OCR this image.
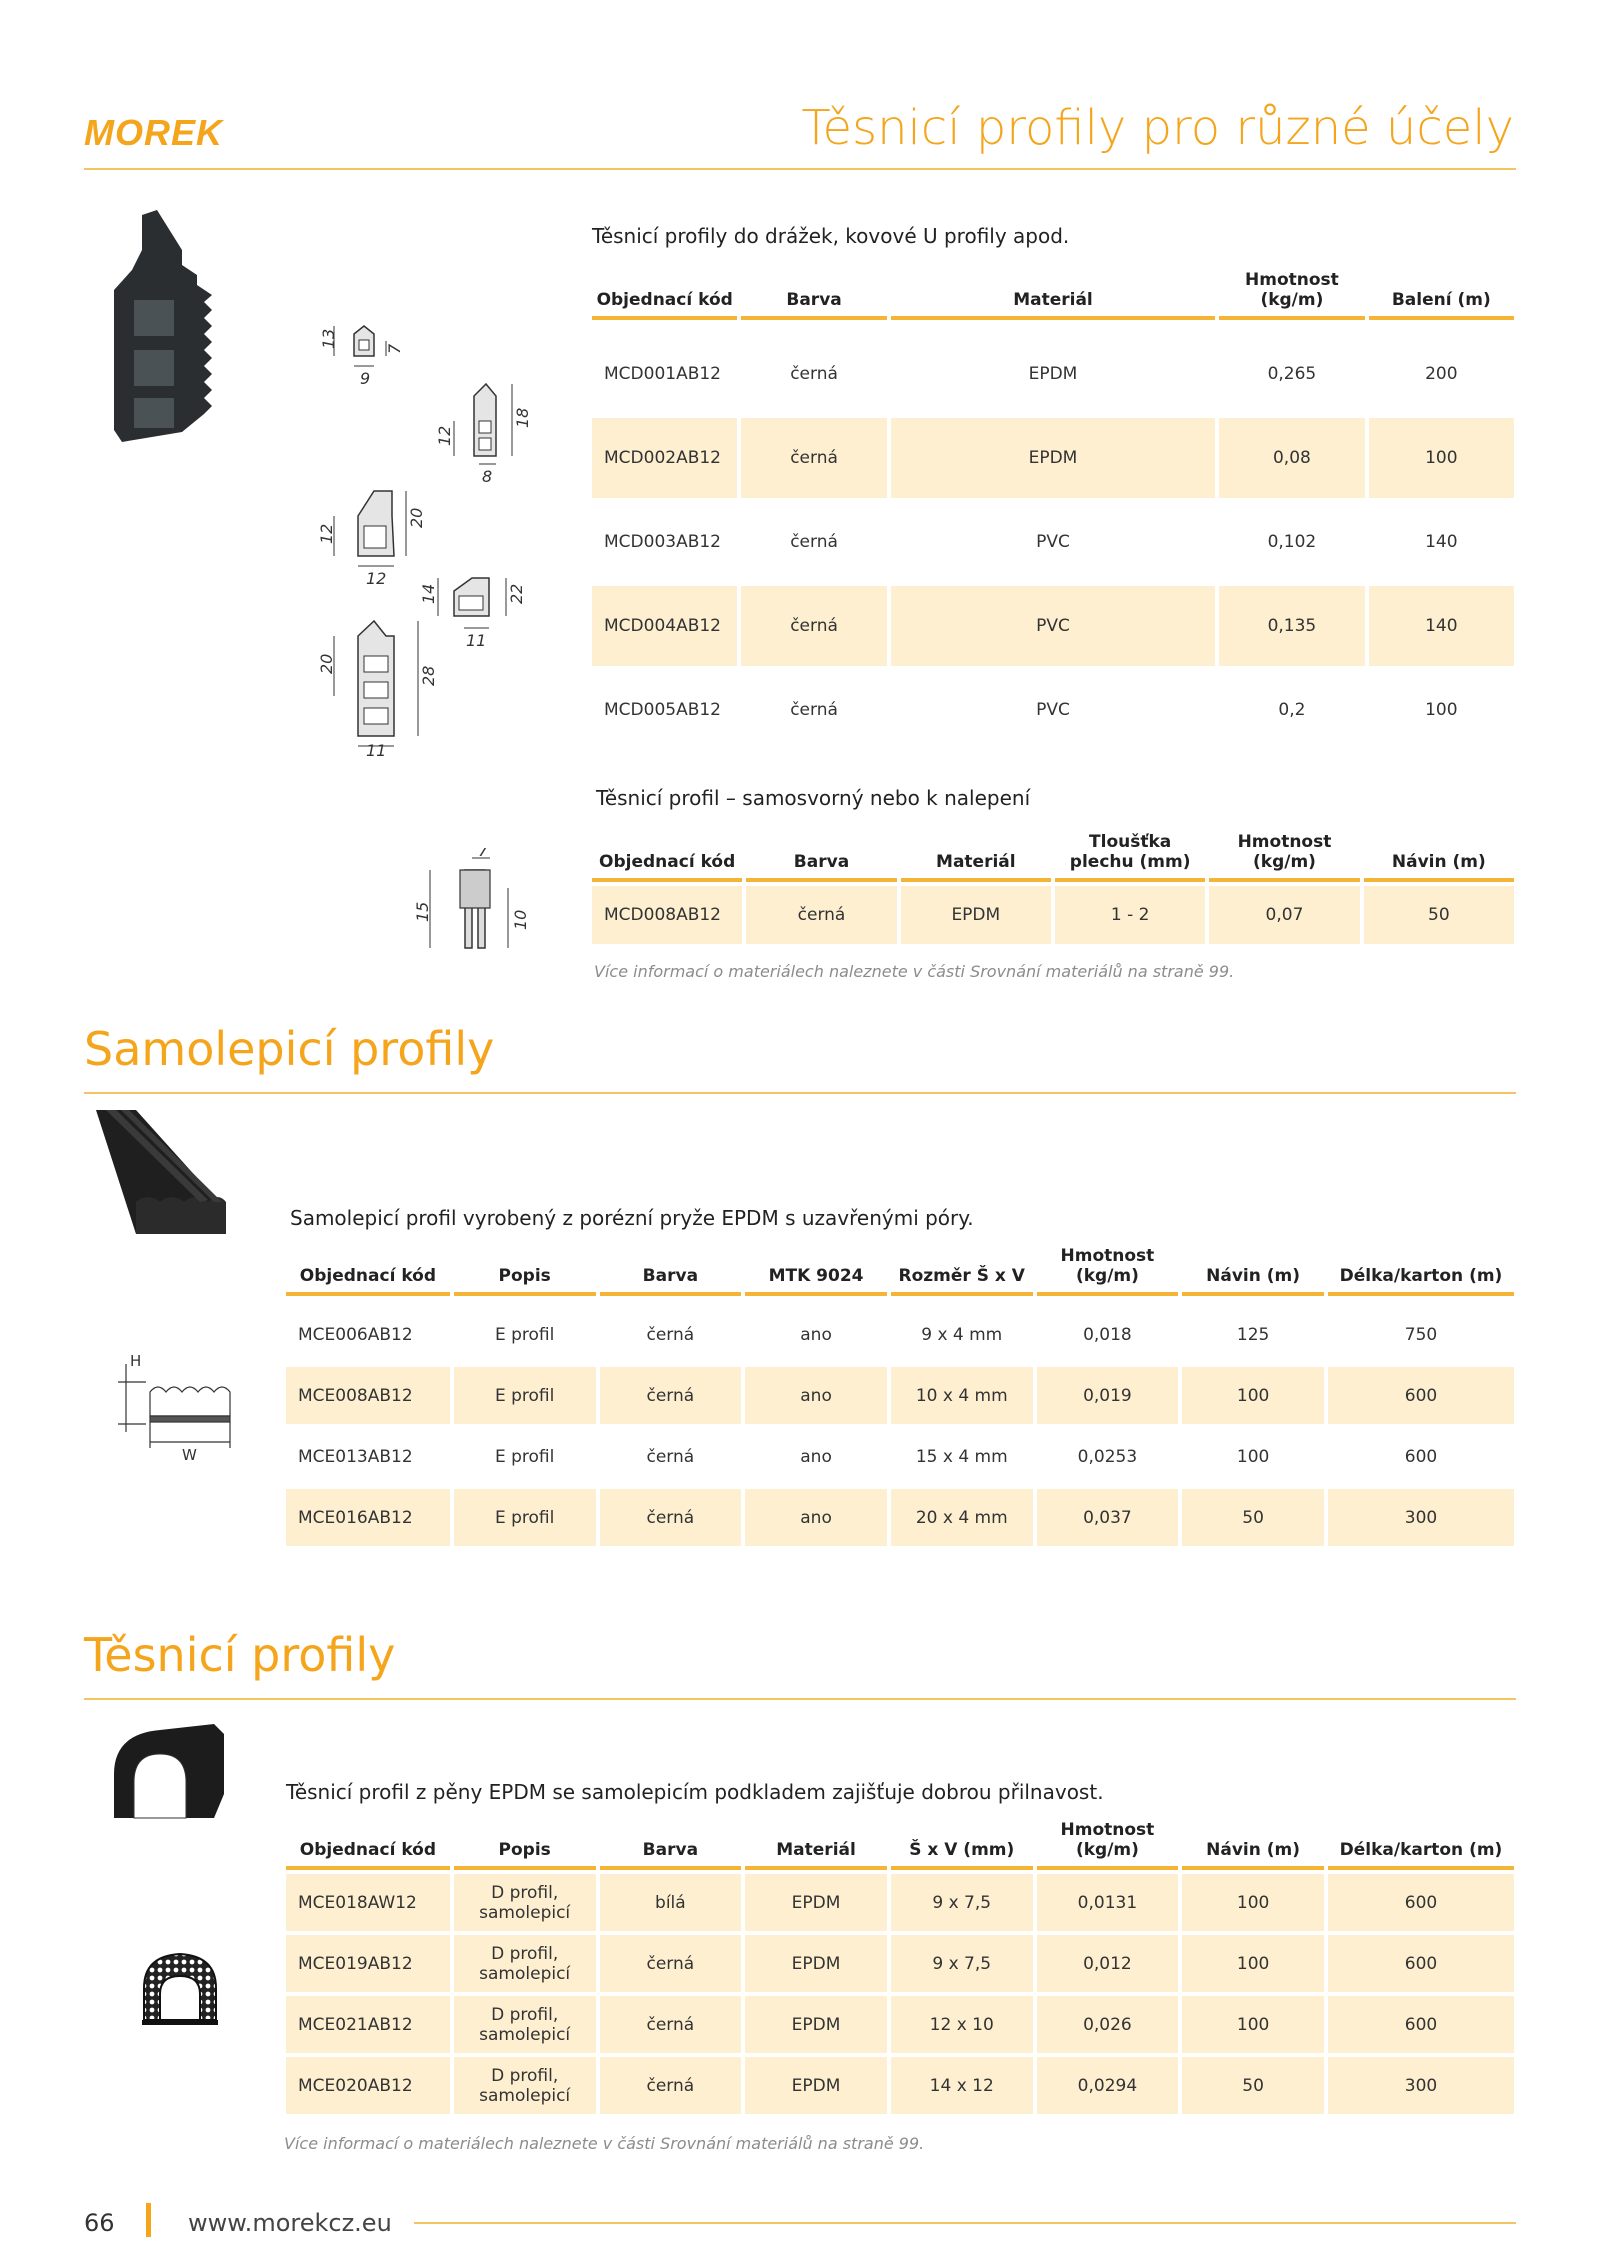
MOREK	Těsnicí profily pro různé účely
13	7
9
12
18
8
12
20
12
14	22
11
20
28
11
Těsnicí profily do drážek, kovové U profily apod.
Objednací kód	Barva	Materiál	Hmotnost (kg/m)	Balení (m)

MCD001AB12	černá	EPDM	0,265	200
MCD002AB12	černá	EPDM	0,08	100
MCD003AB12	černá	PVC	0,102	140
MCD004AB12	černá	PVC	0,135	140
MCD005AB12	černá	PVC	0,2	100
7
15	10
Těsnicí profil – samosvorný nebo k nalepení
Objednací kód	Barva	Materiál	Tloušťka plechu (mm)	Hmotnost (kg/m)	Návin (m)
MCD008AB12	černá	EPDM	1 - 2	0,07	50
Více informací o materiálech naleznete v části Srovnání materiálů na straně 99.
Samolepicí profily
Samolepicí profil vyrobený z porézní pryže EPDM s uzavřenými póry.
H
W
Objednací kód	Popis	Barva	MTK 9024	Rozměr Š x V	Hmotnost (kg/m)	Návin (m)	Délka/karton (m)

MCE006AB12	E profil	černá	ano	9 x 4 mm	0,018	125	750
MCE008AB12	E profil	černá	ano	10 x 4 mm	0,019	100	600
MCE013AB12	E profil	černá	ano	15 x 4 mm	0,0253	100	600
MCE016AB12	E profil	černá	ano	20 x 4 mm	0,037	50	300
Těsnicí profily
Těsnicí profil z pěny EPDM se samolepicím podkladem zajišťuje dobrou přilnavost.
Objednací kód	Popis	Barva	Materiál	Š x V (mm)	Hmotnost (kg/m)	Návin (m)	Délka/karton (m)
MCE018AW12	D profil, samolepicí	bílá	EPDM	9 x 7,5	0,0131	100	600
MCE019AB12	D profil, samolepicí	černá	EPDM	9 x 7,5	0,012	100	600
MCE021AB12	D profil, samolepicí	černá	EPDM	12 x 10	0,026	100	600
MCE020AB12	D profil, samolepicí	černá	EPDM	14 x 12	0,0294	50	300
Více informací o materiálech naleznete v části Srovnání materiálů na straně 99.
66	www.morekcz.eu
